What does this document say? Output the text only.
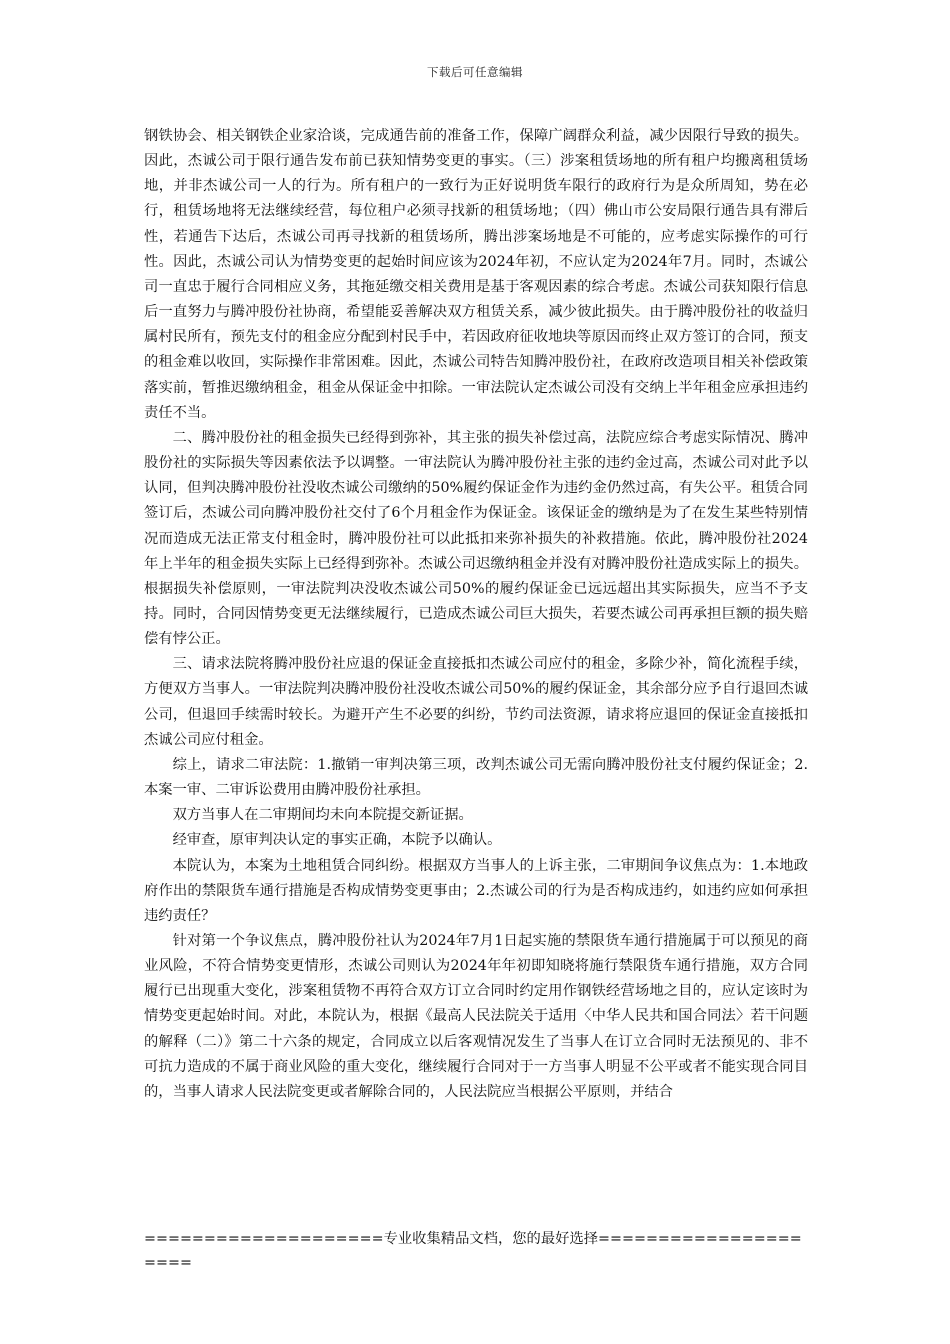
下载后可任意编辑

钢铁协会、相关钢铁企业家洽谈，完成通告前的准备工作，保障广阔群众利益，减少因限行导致的损失。因此，杰诚公司于限行通告发布前已获知情势变更的事实。（三）涉案租赁场地的所有租户均搬离租赁场地，并非杰诚公司一人的行为。所有租户的一致行为正好说明货车限行的政府行为是众所周知，势在必行，租赁场地将无法继续经营，每位租户必须寻找新的租赁场地；（四）佛山市公安局限行通告具有滞后性，若通告下达后，杰诚公司再寻找新的租赁场所，腾出涉案场地是不可能的，应考虑实际操作的可行性。因此，杰诚公司认为情势变更的起始时间应该为2024年初，不应认定为2024年7月。同时，杰诚公司一直忠于履行合同相应义务，其拖延缴交相关费用是基于客观因素的综合考虑。杰诚公司获知限行信息后一直努力与腾冲股份社协商，希望能妥善解决双方租赁关系，减少彼此损失。由于腾冲股份社的收益归属村民所有，预先支付的租金应分配到村民手中，若因政府征收地块等原因而终止双方签订的合同，预支的租金难以收回，实际操作非常困难。因此，杰诚公司特告知腾冲股份社，在政府改造项目相关补偿政策落实前，暂推迟缴纳租金，租金从保证金中扣除。一审法院认定杰诚公司没有交纳上半年租金应承担违约责任不当。

二、腾冲股份社的租金损失已经得到弥补，其主张的损失补偿过高，法院应综合考虑实际情况、腾冲股份社的实际损失等因素依法予以调整。一审法院认为腾冲股份社主张的违约金过高，杰诚公司对此予以认同，但判决腾冲股份社没收杰诚公司缴纳的50%履约保证金作为违约金仍然过高，有失公平。租赁合同签订后，杰诚公司向腾冲股份社交付了6个月租金作为保证金。该保证金的缴纳是为了在发生某些特别情况而造成无法正常支付租金时，腾冲股份社可以此抵扣来弥补损失的补救措施。依此，腾冲股份社2024年上半年的租金损失实际上已经得到弥补。杰诚公司迟缴纳租金并没有对腾冲股份社造成实际上的损失。根据损失补偿原则，一审法院判决没收杰诚公司50%的履约保证金已远远超出其实际损失，应当不予支持。同时，合同因情势变更无法继续履行，已造成杰诚公司巨大损失，若要杰诚公司再承担巨额的损失赔偿有悖公正。

三、请求法院将腾冲股份社应退的保证金直接抵扣杰诚公司应付的租金，多除少补，简化流程手续，方便双方当事人。一审法院判决腾冲股份社没收杰诚公司50%的履约保证金，其余部分应予自行退回杰诚公司，但退回手续需时较长。为避开产生不必要的纠纷，节约司法资源，请求将应退回的保证金直接抵扣杰诚公司应付租金。

综上，请求二审法院：1.撤销一审判决第三项，改判杰诚公司无需向腾冲股份社支付履约保证金；2.本案一审、二审诉讼费用由腾冲股份社承担。

双方当事人在二审期间均未向本院提交新证据。

经审查，原审判决认定的事实正确，本院予以确认。

本院认为，本案为土地租赁合同纠纷。根据双方当事人的上诉主张，二审期间争议焦点为：1.本地政府作出的禁限货车通行措施是否构成情势变更事由；2.杰诚公司的行为是否构成违约，如违约应如何承担违约责任？

针对第一个争议焦点，腾冲股份社认为2024年7月1日起实施的禁限货车通行措施属于可以预见的商业风险，不符合情势变更情形，杰诚公司则认为2024年年初即知晓将施行禁限货车通行措施，双方合同履行已出现重大变化，涉案租赁物不再符合双方订立合同时约定用作钢铁经营场地之目的，应认定该时为情势变更起始时间。对此，本院认为，根据《最高人民法院关于适用〈中华人民共和国合同法〉若干问题的解释（二）》第二十六条的规定，合同成立以后客观情况发生了当事人在订立合同时无法预见的、非不可抗力造成的不属于商业风险的重大变化，继续履行合同对于一方当事人明显不公平或者不能实现合同目的，当事人请求人民法院变更或者解除合同的，人民法院应当根据公平原则，并结合

====================专业收集精品文档，您的最好选择=====================
